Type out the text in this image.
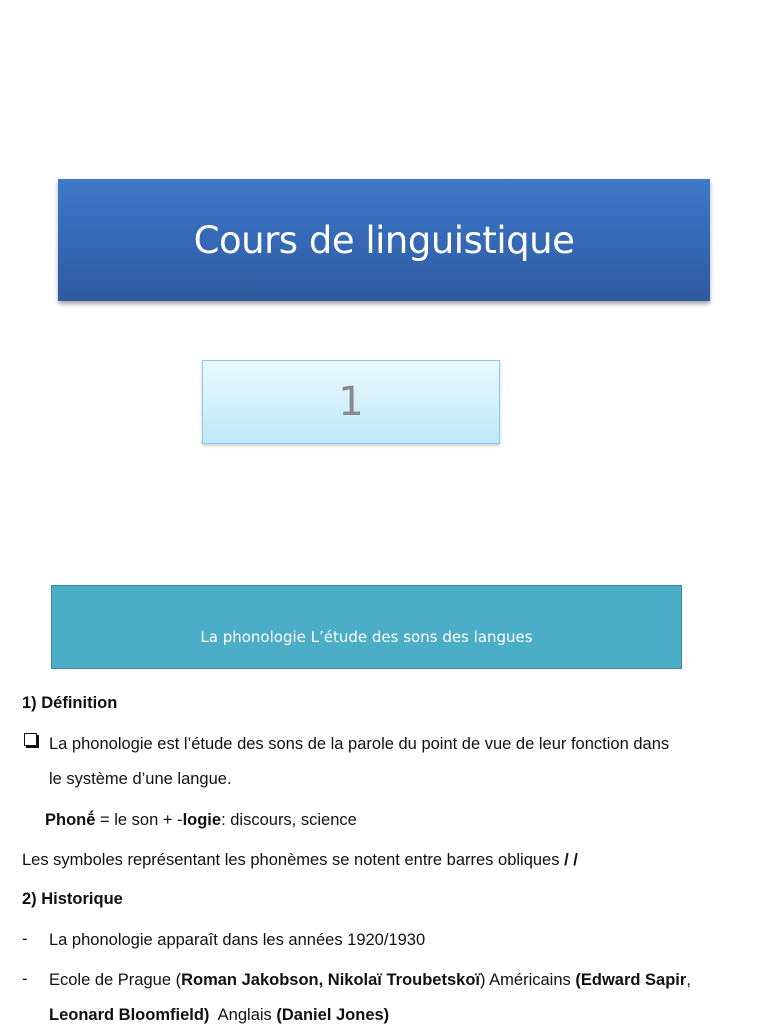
Cours de linguistique
1
La phonologie L’étude des sons des langues
1) Définition
La phonologie est l’étude des sons de la parole du point de vue de leur fonction dans
le système d’une langue.
Phonḗ = le son + -logie: discours, science
Les symboles représentant les phonèmes se notent entre barres obliques / /
2) Historique
- La phonologie apparaît dans les années 1920/1930
- Ecole de Prague (Roman Jakobson, Nikolaï Troubetskoï) Américains (Edward Sapir,
Leonard Bloomfield)  Anglais (Daniel Jones)
